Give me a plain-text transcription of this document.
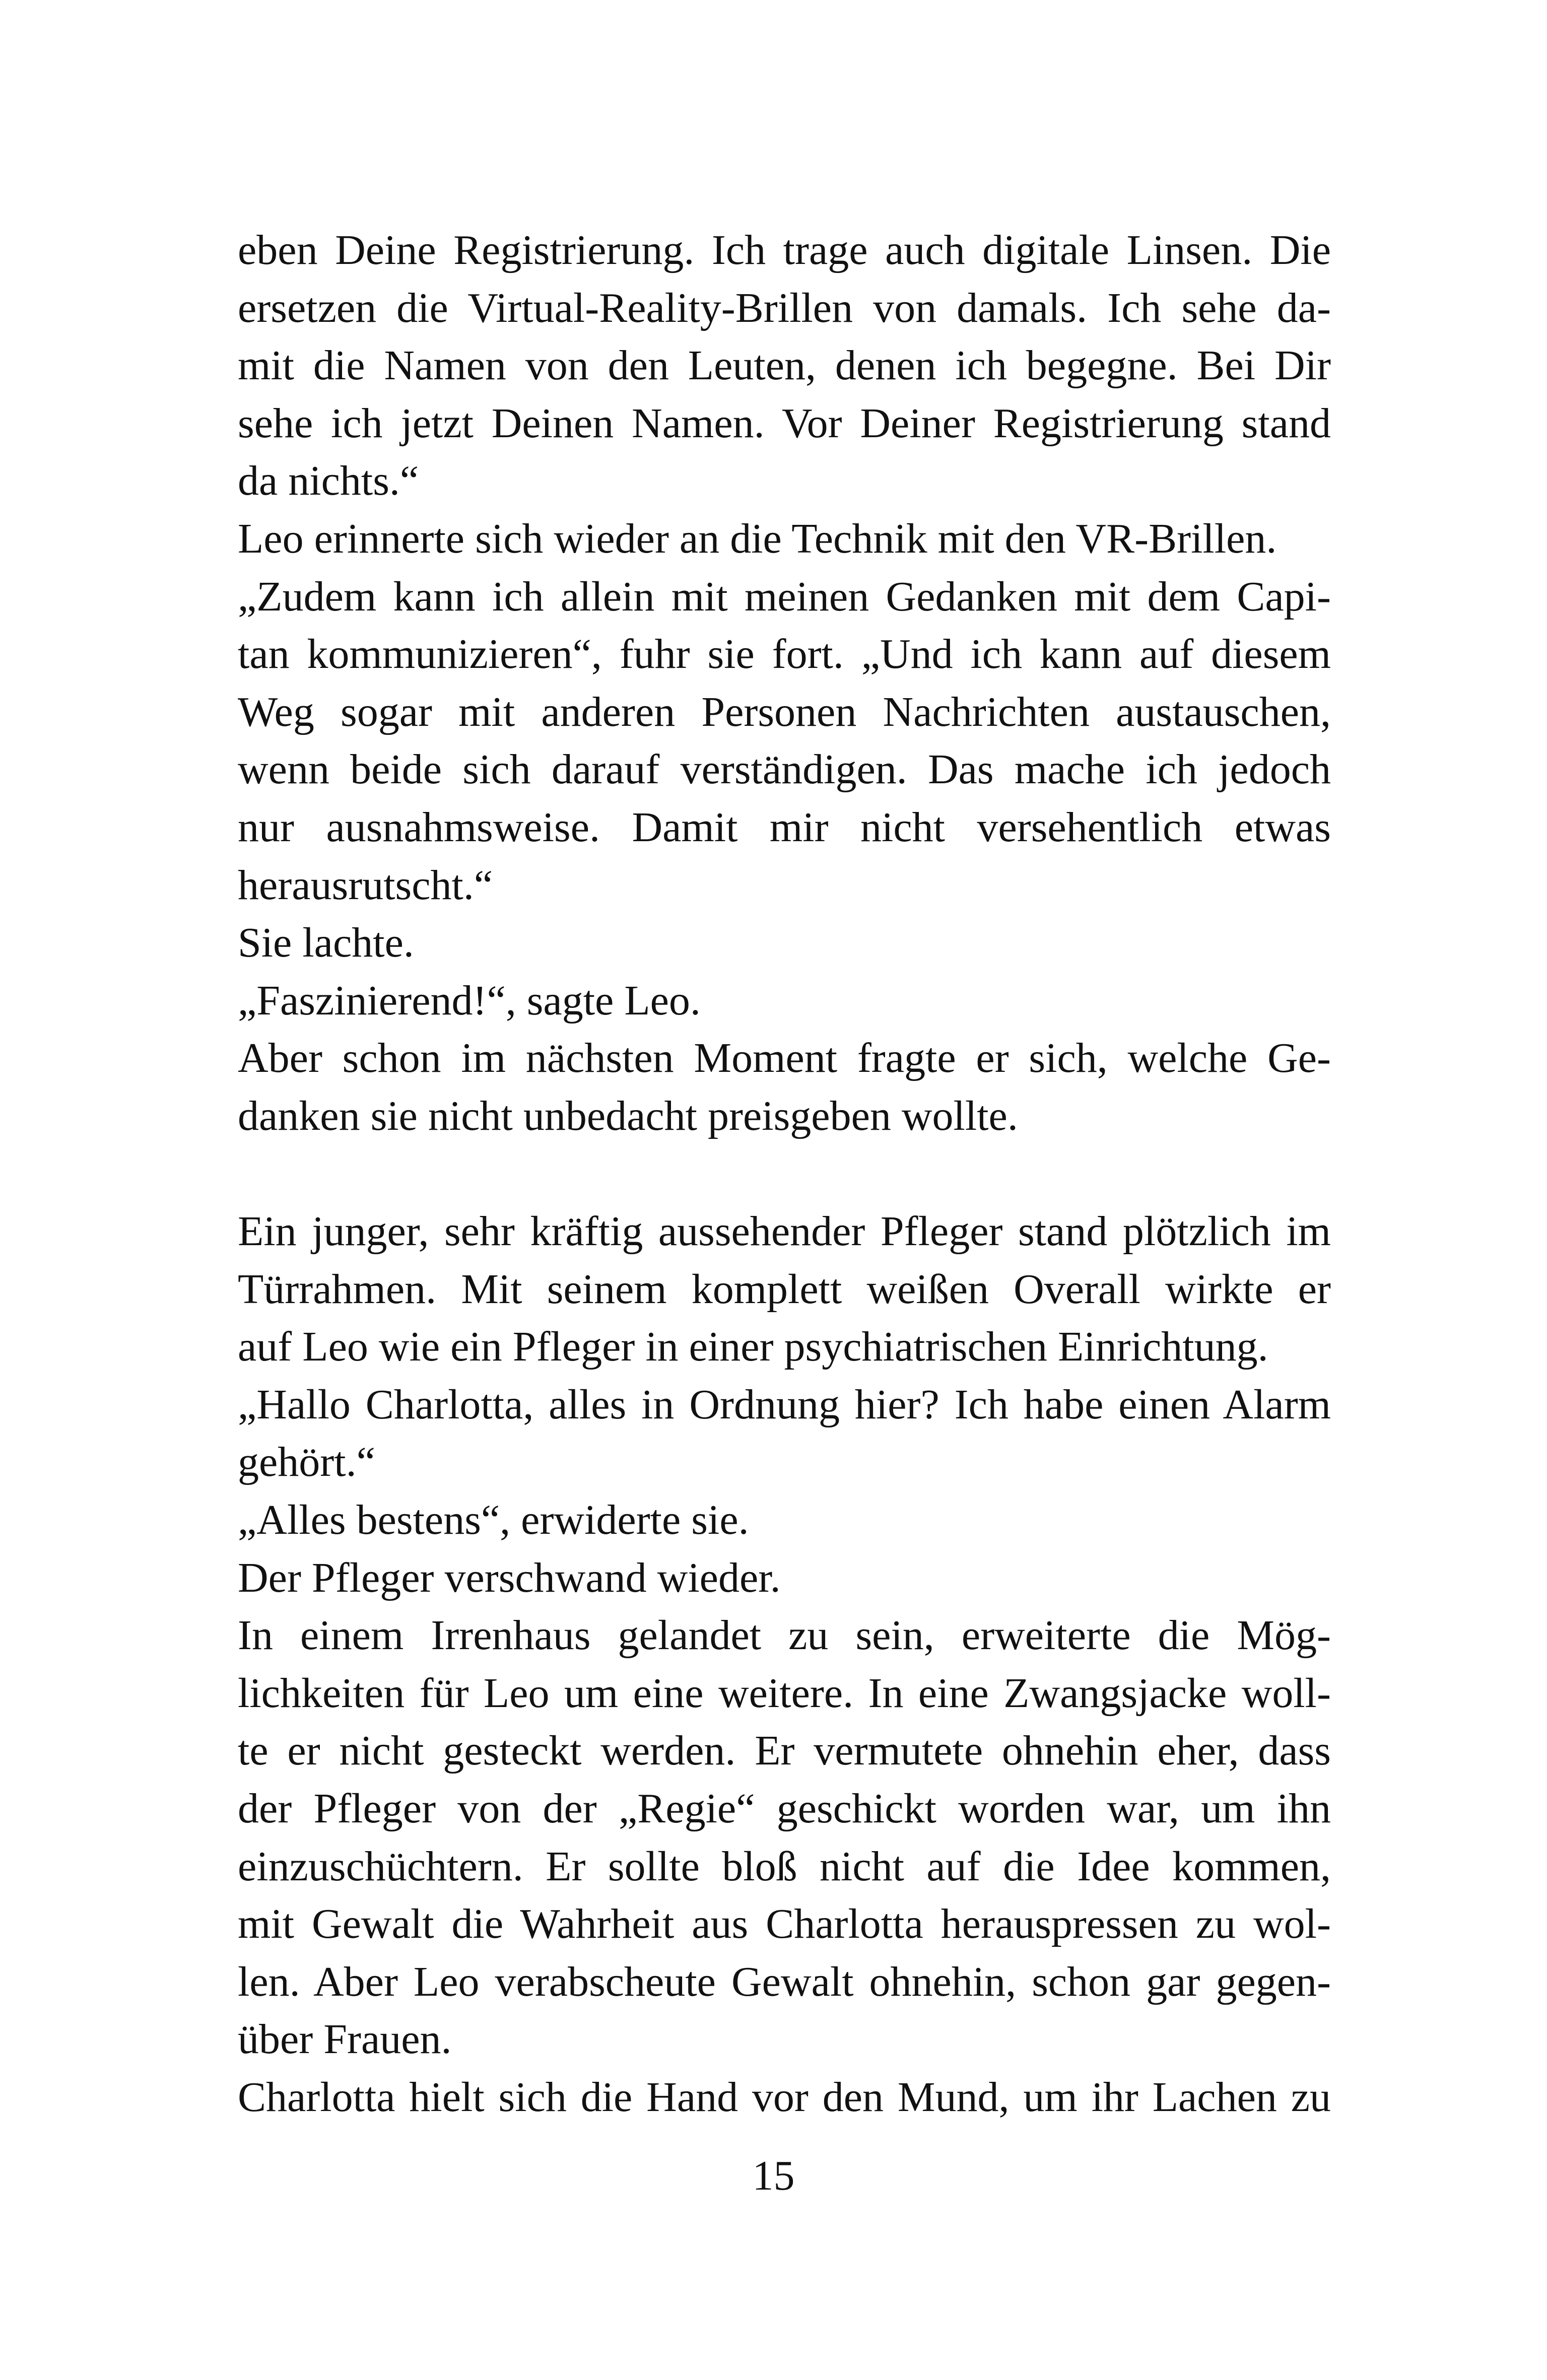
eben Deine Registrierung. Ich trage auch digitale Linsen. Die
ersetzen die Virtual-Reality-Brillen von damals. Ich sehe da-
mit die Namen von den Leuten, denen ich begegne. Bei Dir
sehe ich jetzt Deinen Namen. Vor Deiner Registrierung stand
da nichts.“
Leo erinnerte sich wieder an die Technik mit den VR-Brillen.
„Zudem kann ich allein mit meinen Gedanken mit dem Capi-
tan kommunizieren“, fuhr sie fort. „Und ich kann auf diesem
Weg sogar mit anderen Personen Nachrichten austauschen,
wenn beide sich darauf verständigen. Das mache ich jedoch
nur ausnahmsweise. Damit mir nicht versehentlich etwas
herausrutscht.“
Sie lachte.
„Faszinierend!“, sagte Leo.
Aber schon im nächsten Moment fragte er sich, welche Ge-
danken sie nicht unbedacht preisgeben wollte.
Ein junger, sehr kräftig aussehender Pfleger stand plötzlich im
Türrahmen. Mit seinem komplett weißen Overall wirkte er
auf Leo wie ein Pfleger in einer psychiatrischen Einrichtung.
„Hallo Charlotta, alles in Ordnung hier? Ich habe einen Alarm
gehört.“
„Alles bestens“, erwiderte sie.
Der Pfleger verschwand wieder.
In einem Irrenhaus gelandet zu sein, erweiterte die Mög-
lichkeiten für Leo um eine weitere. In eine Zwangsjacke woll-
te er nicht gesteckt werden. Er vermutete ohnehin eher, dass
der Pfleger von der „Regie“ geschickt worden war, um ihn
einzuschüchtern. Er sollte bloß nicht auf die Idee kommen,
mit Gewalt die Wahrheit aus Charlotta herauspressen zu wol-
len. Aber Leo verabscheute Gewalt ohnehin, schon gar gegen-
über Frauen.
Charlotta hielt sich die Hand vor den Mund, um ihr Lachen zu
15
